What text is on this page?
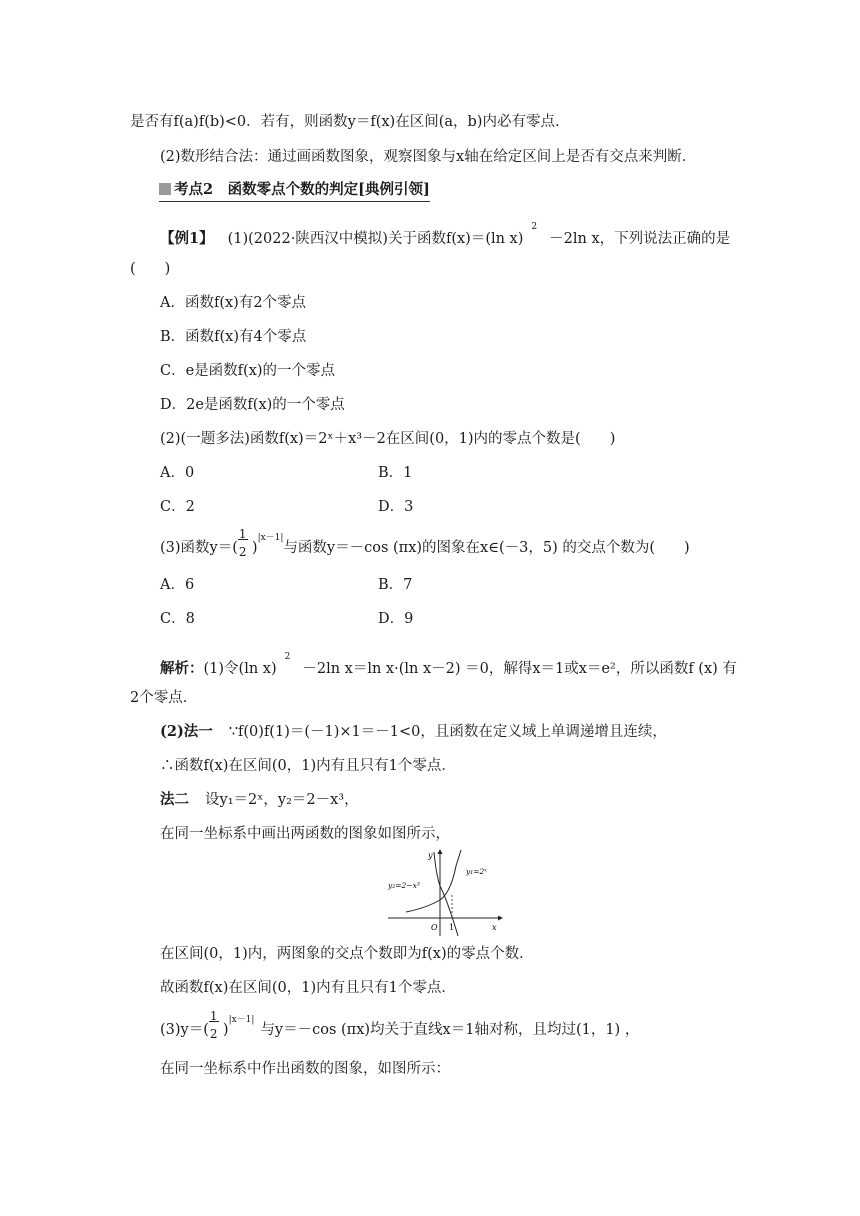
是否有f(a)f(b)<0．若有，则函数y＝f(x)在区间(a，b)内必有零点．
(2)数形结合法：通过画函数图象，观察图象与x轴在给定区间上是否有交点来判断．
考点2　函数零点个数的判定[典例引领]
【例1】 (1)(2022·陕西汉中模拟)关于函数f(x)＝(ln x)$^2$－2ln x，下列说法正确的是
(　　)
A．函数f(x)有2个零点
B．函数f(x)有4个零点
C．e是函数f(x)的一个零点
D．2e是函数f(x)的一个零点
(2)(一题多法)函数f(x)＝2ˣ＋x³－2在区间(0，1)内的零点个数是(　　)
A．0	B．1
C．2	D．3
(3)函数$y=( \frac{1}{2} )^{|x-1|}$与函数y＝－cos (πx)的图象在x∈(－3，5) 的交点个数为(　　)
A．6	B．7
C．8	D．9
解析：(1)令(ln x)$^2$－2ln x＝ln x·(ln x－2) ＝0，解得x＝1或x＝e²，所以函数f (x) 有
2个零点．
(2)法一 ∵f(0)f(1)＝(－1)×1＝－1<0，且函数在定义域上单调递增且连续，
∴函数f(x)在区间(0，1)内有且只有1个零点．
法二 设y₁＝2ˣ，y₂＝2－x³，
在同一坐标系中画出两函数的图象如图所示，
y
x
O 1
y₂=2−x³
y₁=2ˣ
在区间(0，1)内，两图象的交点个数即为f(x)的零点个数．
故函数f(x)在区间(0，1)内有且只有1个零点．
$(3)y=( \frac{1}{2} )^{|x-1|}$与y＝－cos (πx)均关于直线x＝1轴对称，且均过(1，1) ，
在同一坐标系中作出函数的图象，如图所示：
